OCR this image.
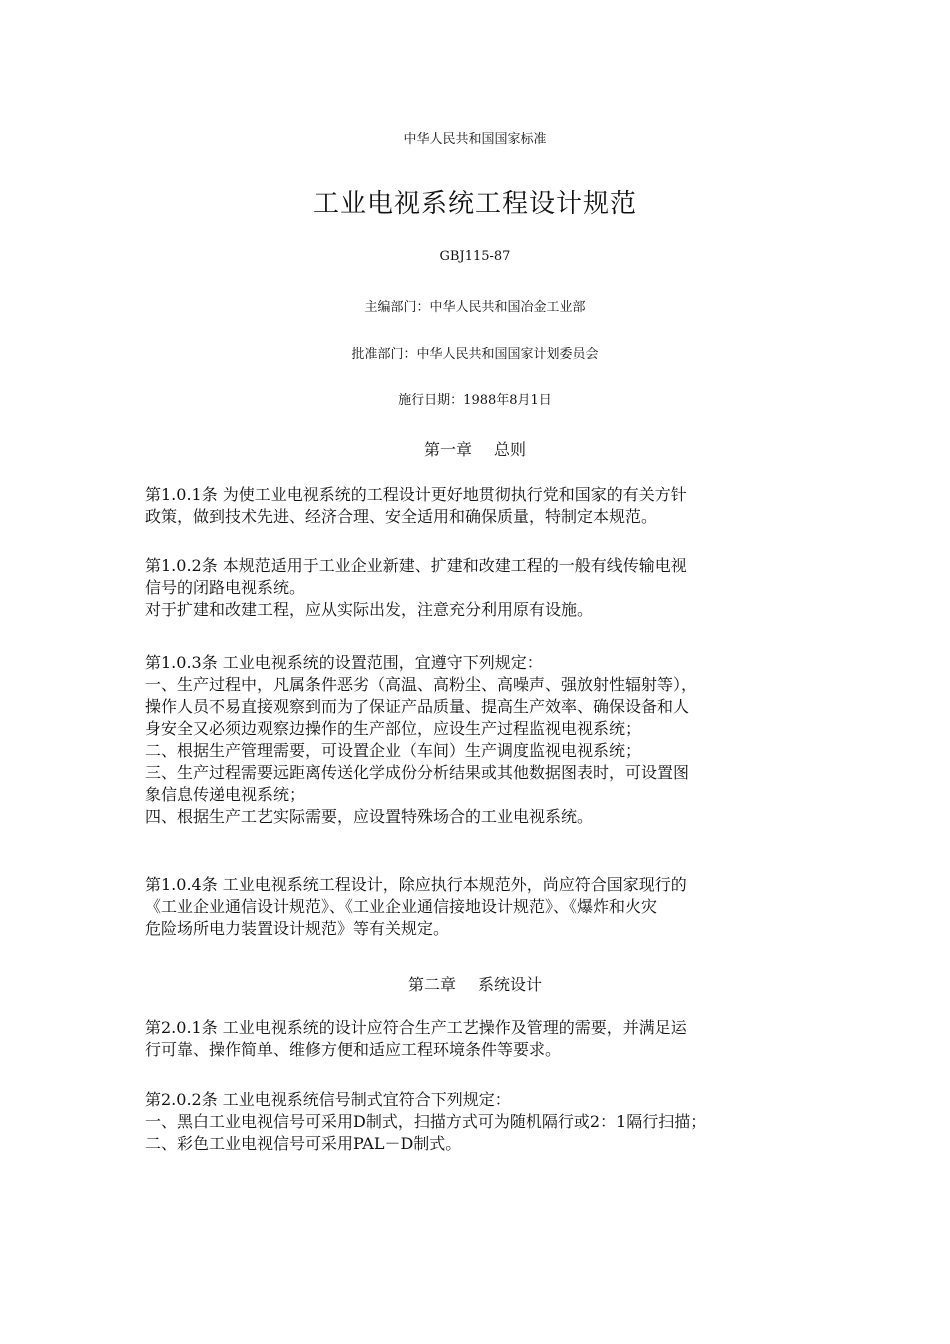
中华人民共和国国家标准
工业电视系统工程设计规范
GBJ115-87
主编部门：中华人民共和国冶金工业部
批准部门：中华人民共和国国家计划委员会
施行日期：1988年8月1日
第一章 总则
第1.0.1条 为使工业电视系统的工程设计更好地贯彻执行党和国家的有关方针
政策，做到技术先进、经济合理、安全适用和确保质量，特制定本规范。
第1.0.2条 本规范适用于工业企业新建、扩建和改建工程的一般有线传输电视
信号的闭路电视系统。
对于扩建和改建工程，应从实际出发，注意充分利用原有设施。
第1.0.3条 工业电视系统的设置范围，宜遵守下列规定：
一、生产过程中，凡属条件恶劣（高温、高粉尘、高噪声、强放射性辐射等），
操作人员不易直接观察到而为了保证产品质量、提高生产效率、确保设备和人
身安全又必须边观察边操作的生产部位，应设生产过程监视电视系统；
二、根据生产管理需要，可设置企业（车间）生产调度监视电视系统；
三、生产过程需要远距离传送化学成份分析结果或其他数据图表时，可设置图
象信息传递电视系统；
四、根据生产工艺实际需要，应设置特殊场合的工业电视系统。
第1.0.4条 工业电视系统工程设计，除应执行本规范外，尚应符合国家现行的
《工业企业通信设计规范》、《工业企业通信接地设计规范》、《爆炸和火灾
危险场所电力装置设计规范》等有关规定。
第二章 系统设计
第2.0.1条 工业电视系统的设计应符合生产工艺操作及管理的需要，并满足运
行可靠、操作简单、维修方便和适应工程环境条件等要求。
第2.0.2条 工业电视系统信号制式宜符合下列规定：
一、黑白工业电视信号可采用D制式，扫描方式可为随机隔行或2：1隔行扫描；
二、彩色工业电视信号可采用PAL－D制式。
